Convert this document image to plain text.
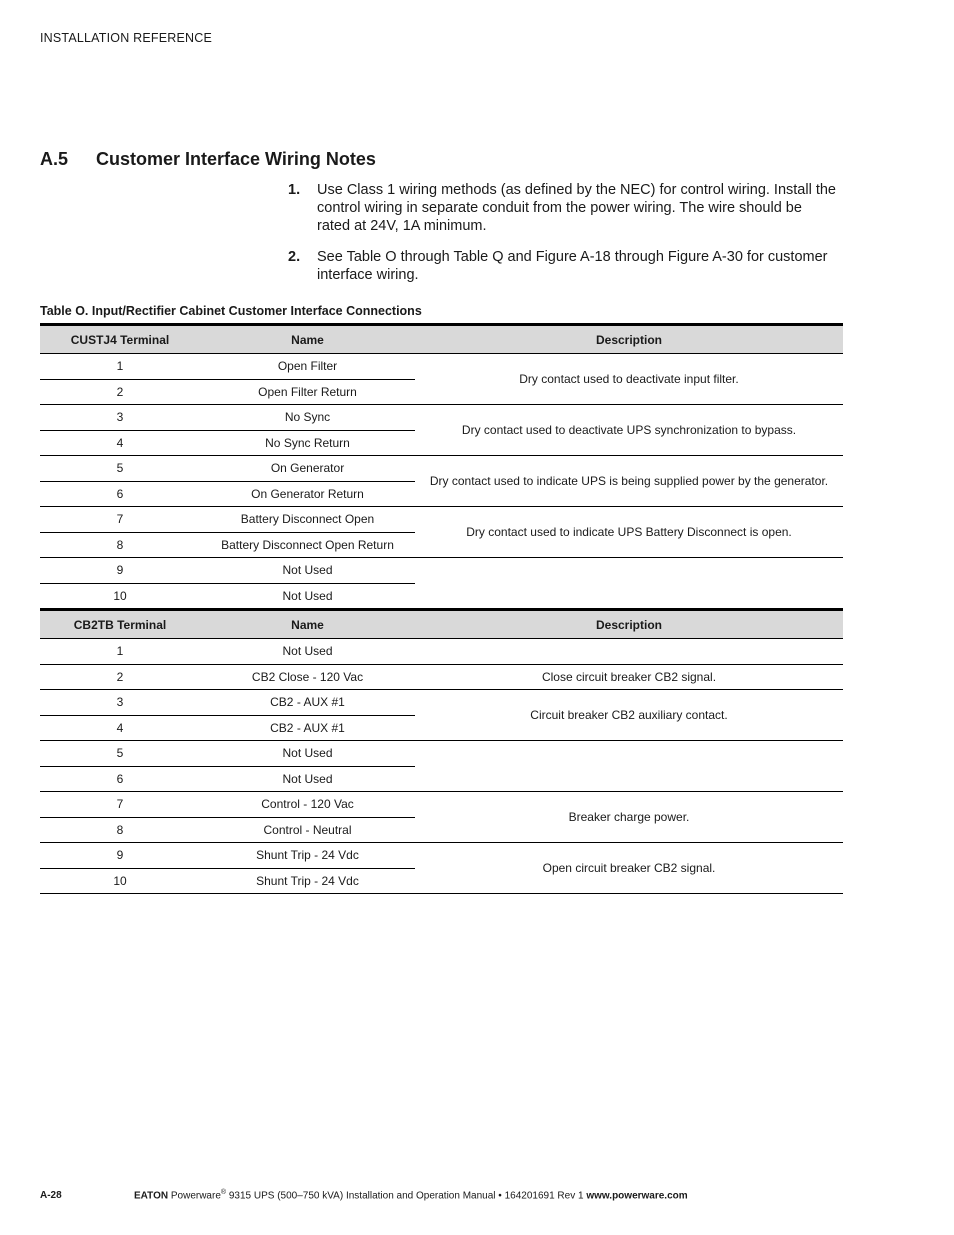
INSTALLATION REFERENCE
A.5 Customer Interface Wiring Notes
1.	Use Class 1 wiring methods (as defined by the NEC) for control wiring. Install the control wiring in separate conduit from the power wiring. The wire should be rated at 24V, 1A minimum.
2.	See Table O through Table Q and Figure A-18 through Figure A-30 for customer interface wiring.
Table O. Input/Rectifier Cabinet Customer Interface Connections
CUSTJ4 Terminal	Name	Description
1	Open Filter	Dry contact used to deactivate input filter.
2	Open Filter Return	
3	No Sync	Dry contact used to deactivate UPS synchronization to bypass.
4	No Sync Return	
5	On Generator	Dry contact used to indicate UPS is being supplied power by the generator.
6	On Generator Return	
7	Battery Disconnect Open	Dry contact used to indicate UPS Battery Disconnect is open.
8	Battery Disconnect Open Return	
9	Not Used	
10	Not Used	
CB2TB Terminal	Name	Description
1	Not Used	
2	CB2 Close - 120 Vac	Close circuit breaker CB2 signal.
3	CB2 - AUX #1	Circuit breaker CB2 auxiliary contact.
4	CB2 - AUX #1	
5	Not Used	
6	Not Used	
7	Control - 120 Vac	Breaker charge power.
8	Control - Neutral	
9	Shunt Trip - 24 Vdc	Open circuit breaker CB2 signal.
10	Shunt Trip - 24 Vdc	
A-28	EATON Powerware® 9315 UPS (500–750 kVA) Installation and Operation Manual • 164201691 Rev 1 www.powerware.com
